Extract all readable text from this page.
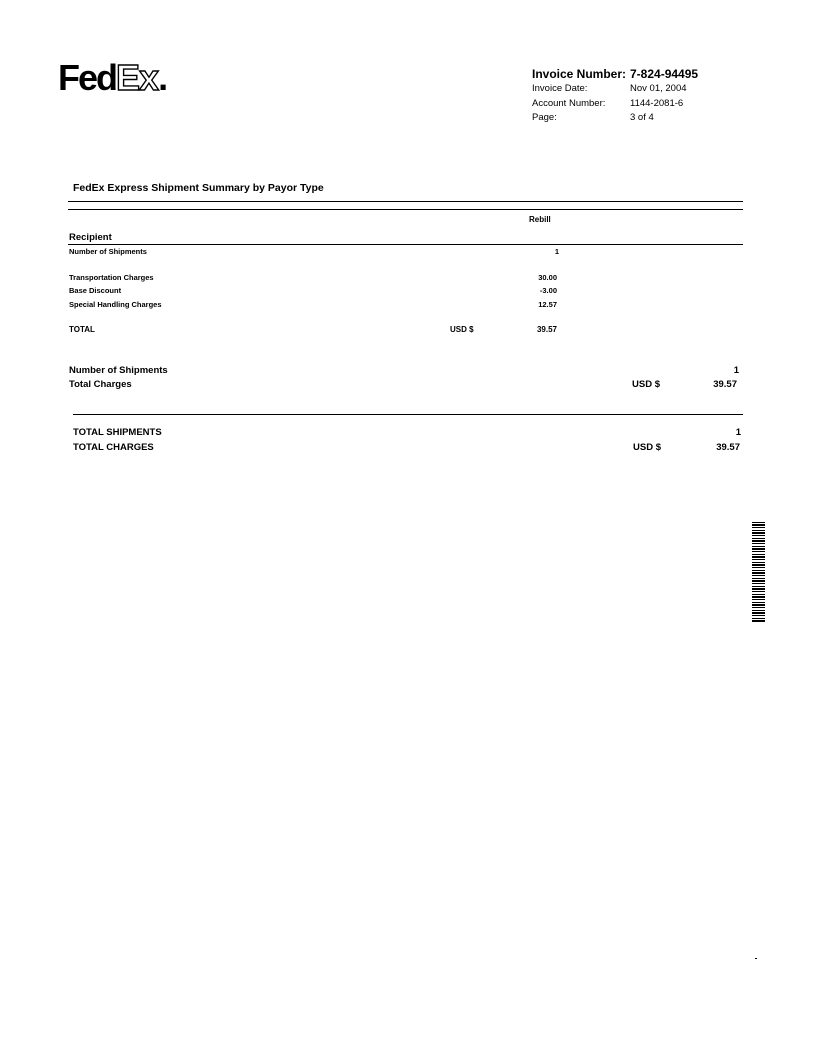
FedEx.	Invoice Number: 7-824-94495
Invoice Date:	Nov 01, 2004
Account Number:	1144-2081-6
Page:	3 of 4
FedEx Express Shipment Summary by Payor Type
Rebill
Recipient
Number of Shipments	1
Transportation Charges	30.00
Base Discount	-3.00
Special Handling Charges	12.57
TOTAL	USD $	39.57
Number of Shipments	1
Total Charges	USD $	39.57
TOTAL SHIPMENTS	1
TOTAL CHARGES	USD $	39.57
